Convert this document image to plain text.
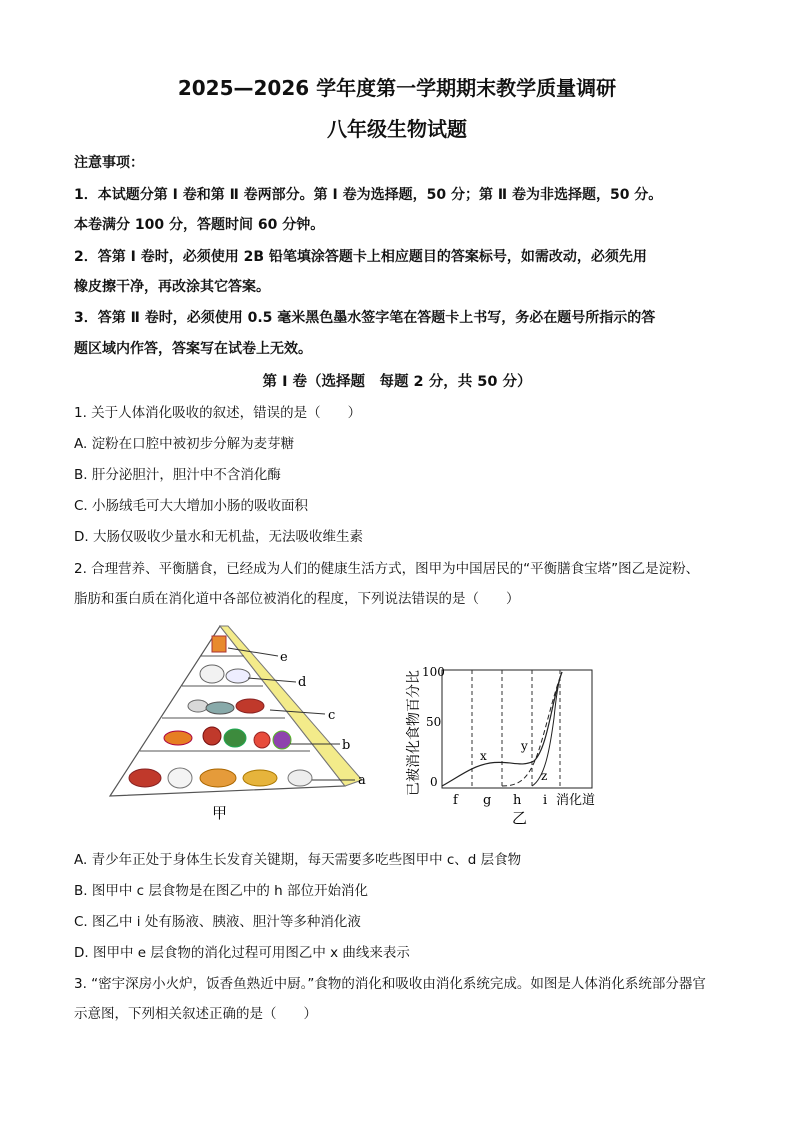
2025—2026 学年度第一学期期末教学质量调研
八年级生物试题
注意事项：
1．本试题分第 Ⅰ 卷和第 Ⅱ 卷两部分。第 Ⅰ 卷为选择题，50 分；第 Ⅱ 卷为非选择题，50 分。
本卷满分 100 分，答题时间 60 分钟。
2．答第 Ⅰ 卷时，必须使用 2B 铅笔填涂答题卡上相应题目的答案标号，如需改动，必须先用
橡皮擦干净，再改涂其它答案。
3．答第 Ⅱ 卷时，必须使用 0.5 毫米黑色墨水签字笔在答题卡上书写，务必在题号所指示的答
题区域内作答，答案写在试卷上无效。
第 Ⅰ 卷（选择题　每题 2 分，共 50 分）
1. 关于人体消化吸收的叙述，错误的是（　　）
A. 淀粉在口腔中被初步分解为麦芽糖
B. 肝分泌胆汁，胆汁中不含消化酶
C. 小肠绒毛可大大增加小肠的吸收面积
D. 大肠仅吸收少量水和无机盐，无法吸收维生素
2. 合理营养、平衡膳食，已经成为人们的健康生活方式，图甲为中国居民的“平衡膳食宝塔”图乙是淀粉、
脂肪和蛋白质在消化道中各部位被消化的程度，下列说法错误的是（　　）
e
d
c
b
a
甲
100
50
0
已被消化食物百分比
f g h i 消化道
x
y
z
乙
A. 青少年正处于身体生长发育关键期，每天需要多吃些图甲中 c、d 层食物
B. 图甲中 c 层食物是在图乙中的 h 部位开始消化
C. 图乙中 i 处有肠液、胰液、胆汁等多种消化液
D. 图甲中 e 层食物的消化过程可用图乙中 x 曲线来表示
3. “密宇深房小火炉，饭香鱼熟近中厨。”食物的消化和吸收由消化系统完成。如图是人体消化系统部分器官
示意图，下列相关叙述正确的是（　　）
